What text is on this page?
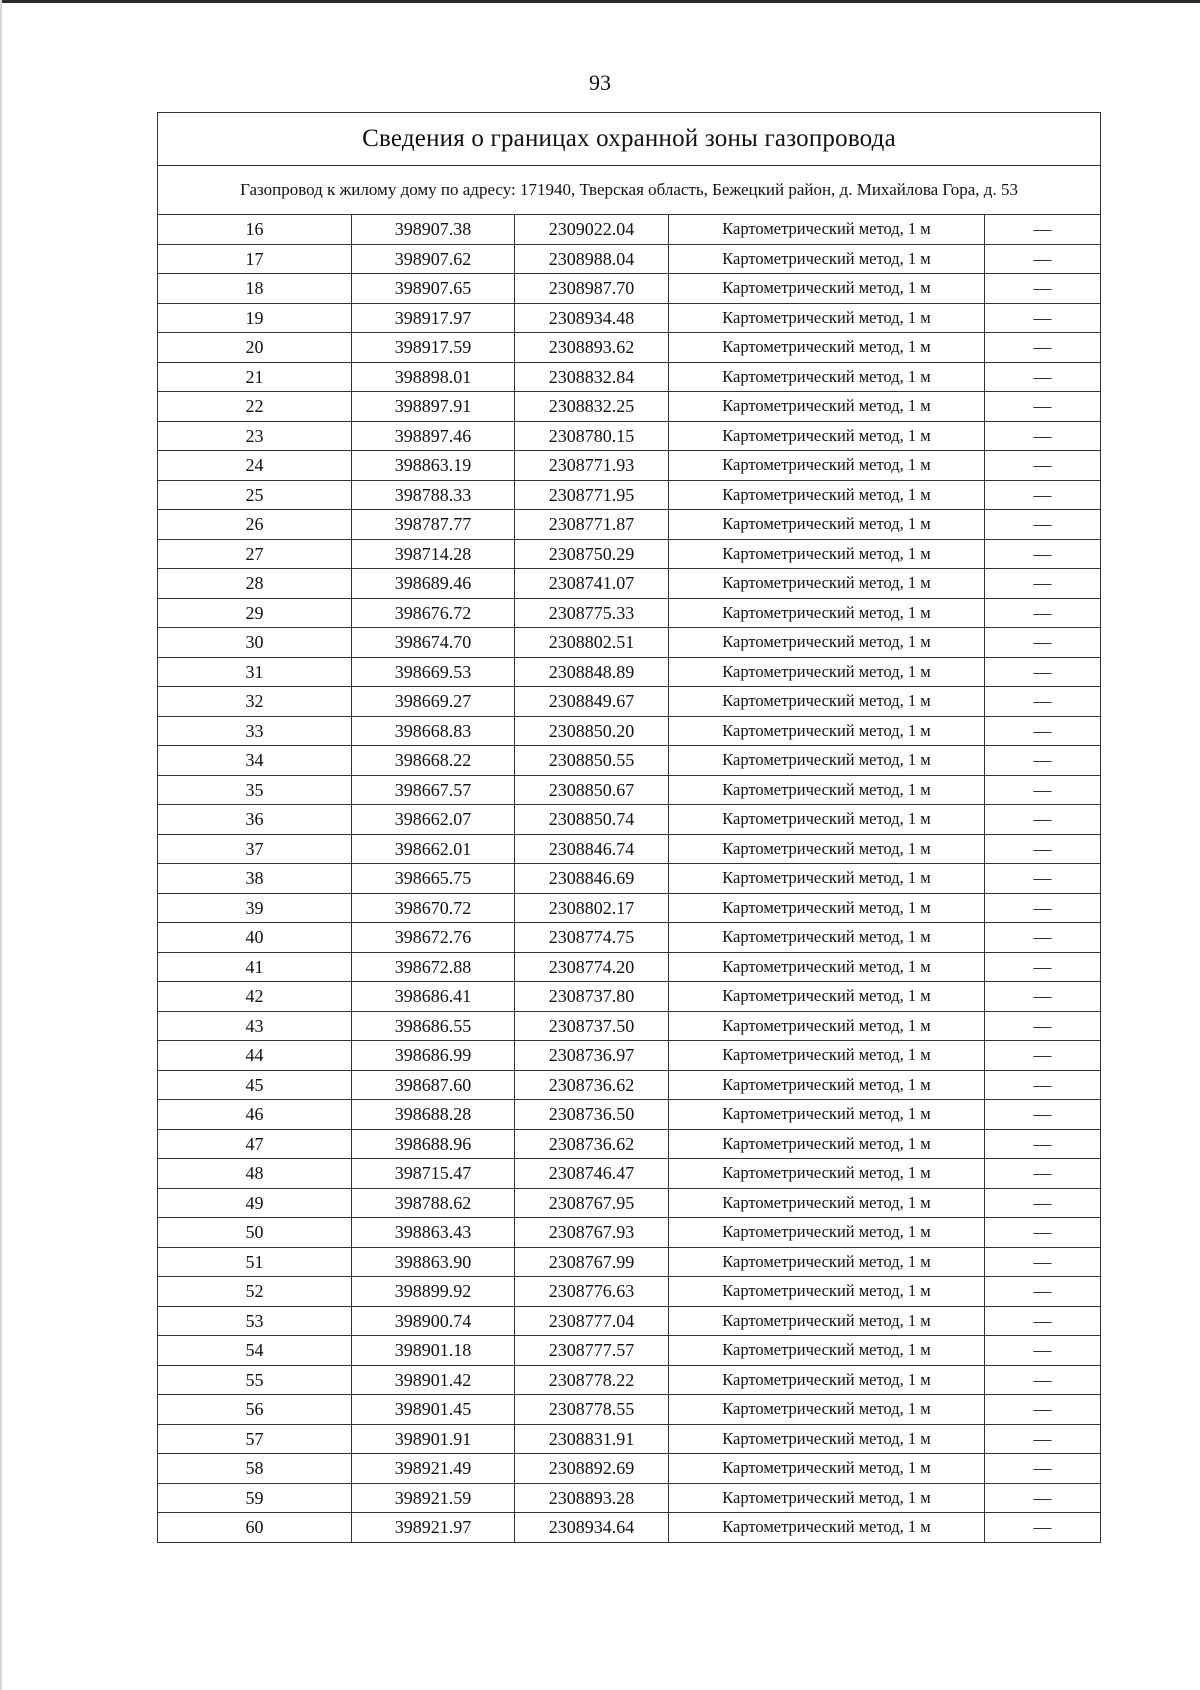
93
Сведения о границах охранной зоны газопровода				
Газопровод к жилому дому по адресу: 171940, Тверская область, Бежецкий район, д. Михайлова Гора, д. 53				
16	398907.38	2309022.04	Картометрический метод, 1 м	—
17	398907.62	2308988.04	Картометрический метод, 1 м	—
18	398907.65	2308987.70	Картометрический метод, 1 м	—
19	398917.97	2308934.48	Картометрический метод, 1 м	—
20	398917.59	2308893.62	Картометрический метод, 1 м	—
21	398898.01	2308832.84	Картометрический метод, 1 м	—
22	398897.91	2308832.25	Картометрический метод, 1 м	—
23	398897.46	2308780.15	Картометрический метод, 1 м	—
24	398863.19	2308771.93	Картометрический метод, 1 м	—
25	398788.33	2308771.95	Картометрический метод, 1 м	—
26	398787.77	2308771.87	Картометрический метод, 1 м	—
27	398714.28	2308750.29	Картометрический метод, 1 м	—
28	398689.46	2308741.07	Картометрический метод, 1 м	—
29	398676.72	2308775.33	Картометрический метод, 1 м	—
30	398674.70	2308802.51	Картометрический метод, 1 м	—
31	398669.53	2308848.89	Картометрический метод, 1 м	—
32	398669.27	2308849.67	Картометрический метод, 1 м	—
33	398668.83	2308850.20	Картометрический метод, 1 м	—
34	398668.22	2308850.55	Картометрический метод, 1 м	—
35	398667.57	2308850.67	Картометрический метод, 1 м	—
36	398662.07	2308850.74	Картометрический метод, 1 м	—
37	398662.01	2308846.74	Картометрический метод, 1 м	—
38	398665.75	2308846.69	Картометрический метод, 1 м	—
39	398670.72	2308802.17	Картометрический метод, 1 м	—
40	398672.76	2308774.75	Картометрический метод, 1 м	—
41	398672.88	2308774.20	Картометрический метод, 1 м	—
42	398686.41	2308737.80	Картометрический метод, 1 м	—
43	398686.55	2308737.50	Картометрический метод, 1 м	—
44	398686.99	2308736.97	Картометрический метод, 1 м	—
45	398687.60	2308736.62	Картометрический метод, 1 м	—
46	398688.28	2308736.50	Картометрический метод, 1 м	—
47	398688.96	2308736.62	Картометрический метод, 1 м	—
48	398715.47	2308746.47	Картометрический метод, 1 м	—
49	398788.62	2308767.95	Картометрический метод, 1 м	—
50	398863.43	2308767.93	Картометрический метод, 1 м	—
51	398863.90	2308767.99	Картометрический метод, 1 м	—
52	398899.92	2308776.63	Картометрический метод, 1 м	—
53	398900.74	2308777.04	Картометрический метод, 1 м	—
54	398901.18	2308777.57	Картометрический метод, 1 м	—
55	398901.42	2308778.22	Картометрический метод, 1 м	—
56	398901.45	2308778.55	Картометрический метод, 1 м	—
57	398901.91	2308831.91	Картометрический метод, 1 м	—
58	398921.49	2308892.69	Картометрический метод, 1 м	—
59	398921.59	2308893.28	Картометрический метод, 1 м	—
60	398921.97	2308934.64	Картометрический метод, 1 м	—
